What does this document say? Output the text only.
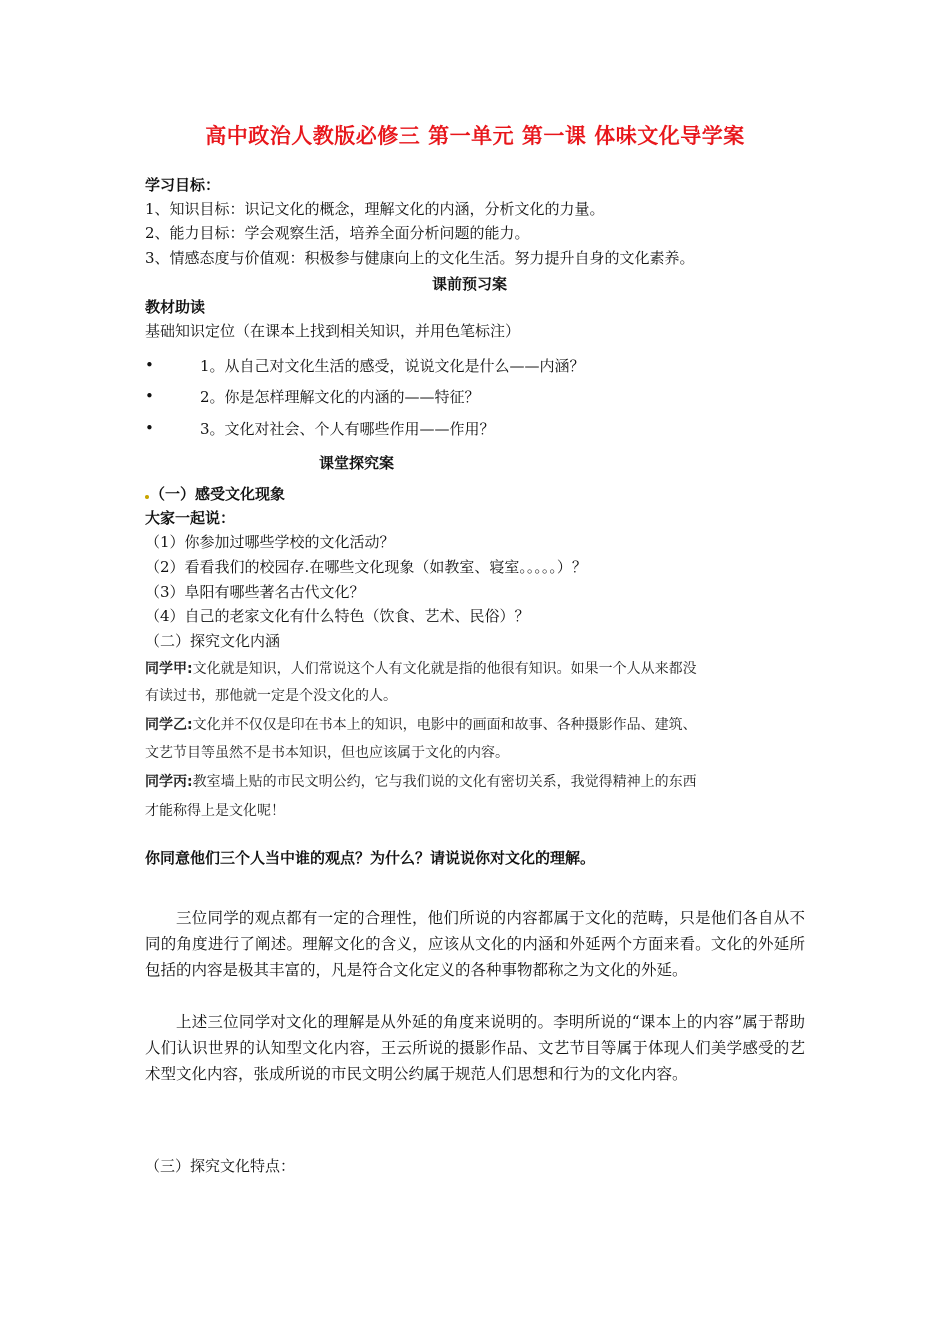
高中政治人教版必修三 第一单元 第一课 体味文化导学案
学习目标：
1、知识目标：识记文化的概念，理解文化的内涵，分析文化的力量。
2、能力目标：学会观察生活，培养全面分析问题的能力。
3、情感态度与价值观：积极参与健康向上的文化生活。努力提升自身的文化素养。
课前预习案
教材助读
基础知识定位（在课本上找到相关知识，并用色笔标注）
•	1。从自己对文化生活的感受，说说文化是什么——内涵？
•	2。你是怎样理解文化的内涵的——特征？
•	3。文化对社会、个人有哪些作用——作用？
课堂探究案
（一）感受文化现象
大家一起说：
（1）你参加过哪些学校的文化活动？
（2）看看我们的校园存.在哪些文化现象（如教室、寝室。。。。。）？
（3）阜阳有哪些著名古代文化？
（4）自己的老家文化有什么特色（饮食、艺术、民俗）？
（二）探究文化内涵
同学甲:文化就是知识，人们常说这个人有文化就是指的他很有知识。如果一个人从来都没
有读过书，那他就一定是个没文化的人。
同学乙:文化并不仅仅是印在书本上的知识，电影中的画面和故事、各种摄影作品、建筑、
文艺节目等虽然不是书本知识，但也应该属于文化的内容。
同学丙:教室墙上贴的市民文明公约，它与我们说的文化有密切关系，我觉得精神上的东西
才能称得上是文化呢！
你同意他们三个人当中谁的观点？为什么？请说说你对文化的理解。
三位同学的观点都有一定的合理性，他们所说的内容都属于文化的范畴，只是他们各自从不同的角度进行了阐述。理解文化的含义，应该从文化的内涵和外延两个方面来看。文化的外延所包括的内容是极其丰富的，凡是符合文化定义的各种事物都称之为文化的外延。
上述三位同学对文化的理解是从外延的角度来说明的。李明所说的“课本上的内容”属于帮助人们认识世界的认知型文化内容，王云所说的摄影作品、文艺节目等属于体现人们美学感受的艺术型文化内容，张成所说的市民文明公约属于规范人们思想和行为的文化内容。
（三）探究文化特点：
